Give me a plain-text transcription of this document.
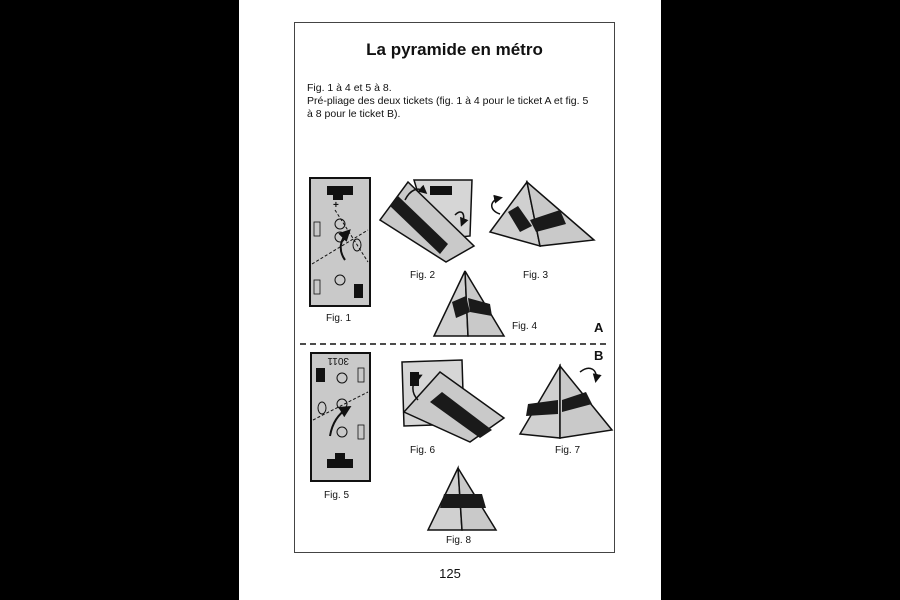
La pyramide en métro
Fig. 1 à 4 et 5 à 8.
Pré-pliage des deux tickets (fig. 1 à 4 pour le ticket A et fig. 5
à 8 pour le ticket B).
+
3011
Fig. 1
Fig. 2	Fig. 3
Fig. 4	A
B
Fig. 5
Fig. 6	Fig. 7
Fig. 8
125
